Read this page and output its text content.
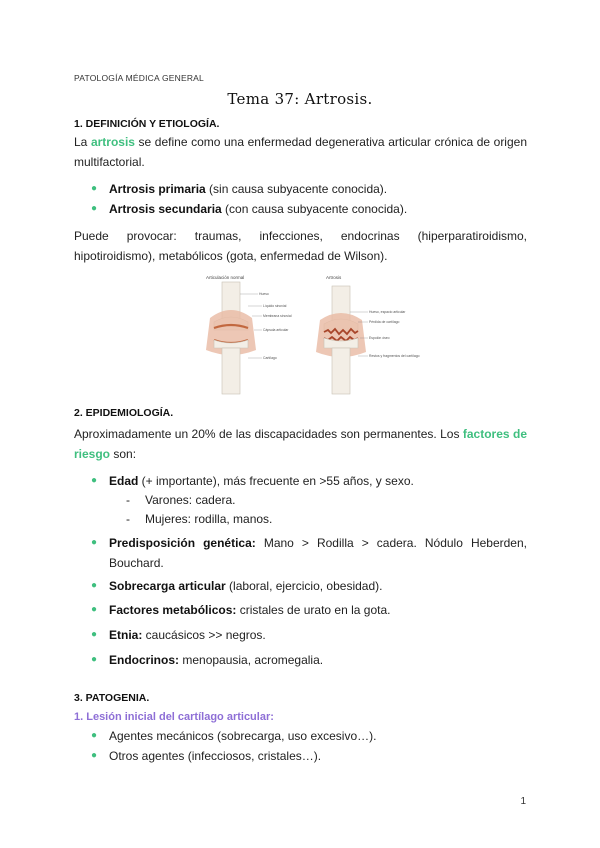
PATOLOGÍA MÉDICA GENERAL
Tema 37: Artrosis.
1. DEFINICIÓN Y ETIOLOGÍA.
La artrosis se define como una enfermedad degenerativa articular crónica de origen multifactorial.
● Artrosis primaria (sin causa subyacente conocida).
● Artrosis secundaria (con causa subyacente conocida).
Puede provocar: traumas, infecciones, endocrinas (hiperparatiroidismo, hipotiroidismo), metabólicos (gota, enfermedad de Wilson).
Articulación normal	Artrosis
Hueso
Líquido sinovial
Membrana sinovial
Cápsula articular
Cartílago
Hueso, espacio articular
Pérdida de cartílago
Espolón óseo
Restos y fragmentos del cartílago
2. EPIDEMIOLOGÍA.
Aproximadamente un 20% de las discapacidades son permanentes. Los factores de riesgo son:
● Edad (+ importante), más frecuente en >55 años, y sexo.
- Varones: cadera.
- Mujeres: rodilla, manos.
● Predisposición genética: Mano > Rodilla > cadera. Nódulo Heberden, Bouchard.
● Sobrecarga articular (laboral, ejercicio, obesidad).
● Factores metabólicos: cristales de urato en la gota.
● Etnia: caucásicos >> negros.
● Endocrinos: menopausia, acromegalia.
3. PATOGENIA.
1. Lesión inicial del cartílago articular:
● Agentes mecánicos (sobrecarga, uso excesivo…).
● Otros agentes (infecciosos, cristales…).
1
